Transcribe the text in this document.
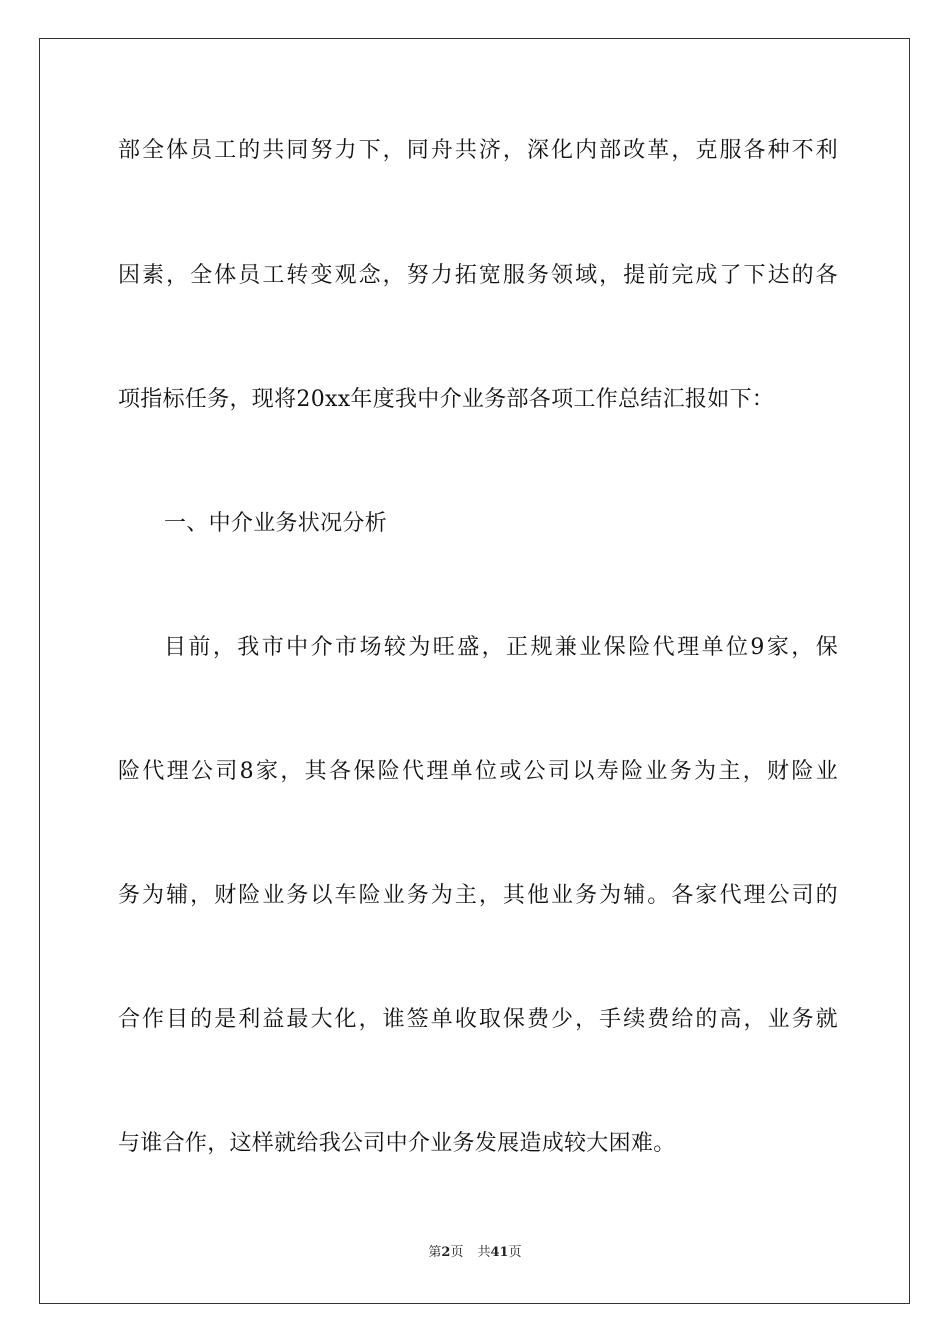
部全体员工的共同努力下，同舟共济，深化内部改革，克服各种不利
因素，全体员工转变观念，努力拓宽服务领域，提前完成了下达的各
项指标任务，现将20xx年度我中介业务部各项工作总结汇报如下：
一、中介业务状况分析
目前，我市中介市场较为旺盛，正规兼业保险代理单位9家，保
险代理公司8家，其各保险代理单位或公司以寿险业务为主，财险业
务为辅，财险业务以车险业务为主，其他业务为辅。各家代理公司的
合作目的是利益最大化，谁签单收取保费少，手续费给的高，业务就
与谁合作，这样就给我公司中介业务发展造成较大困难。
第2页 共41页
